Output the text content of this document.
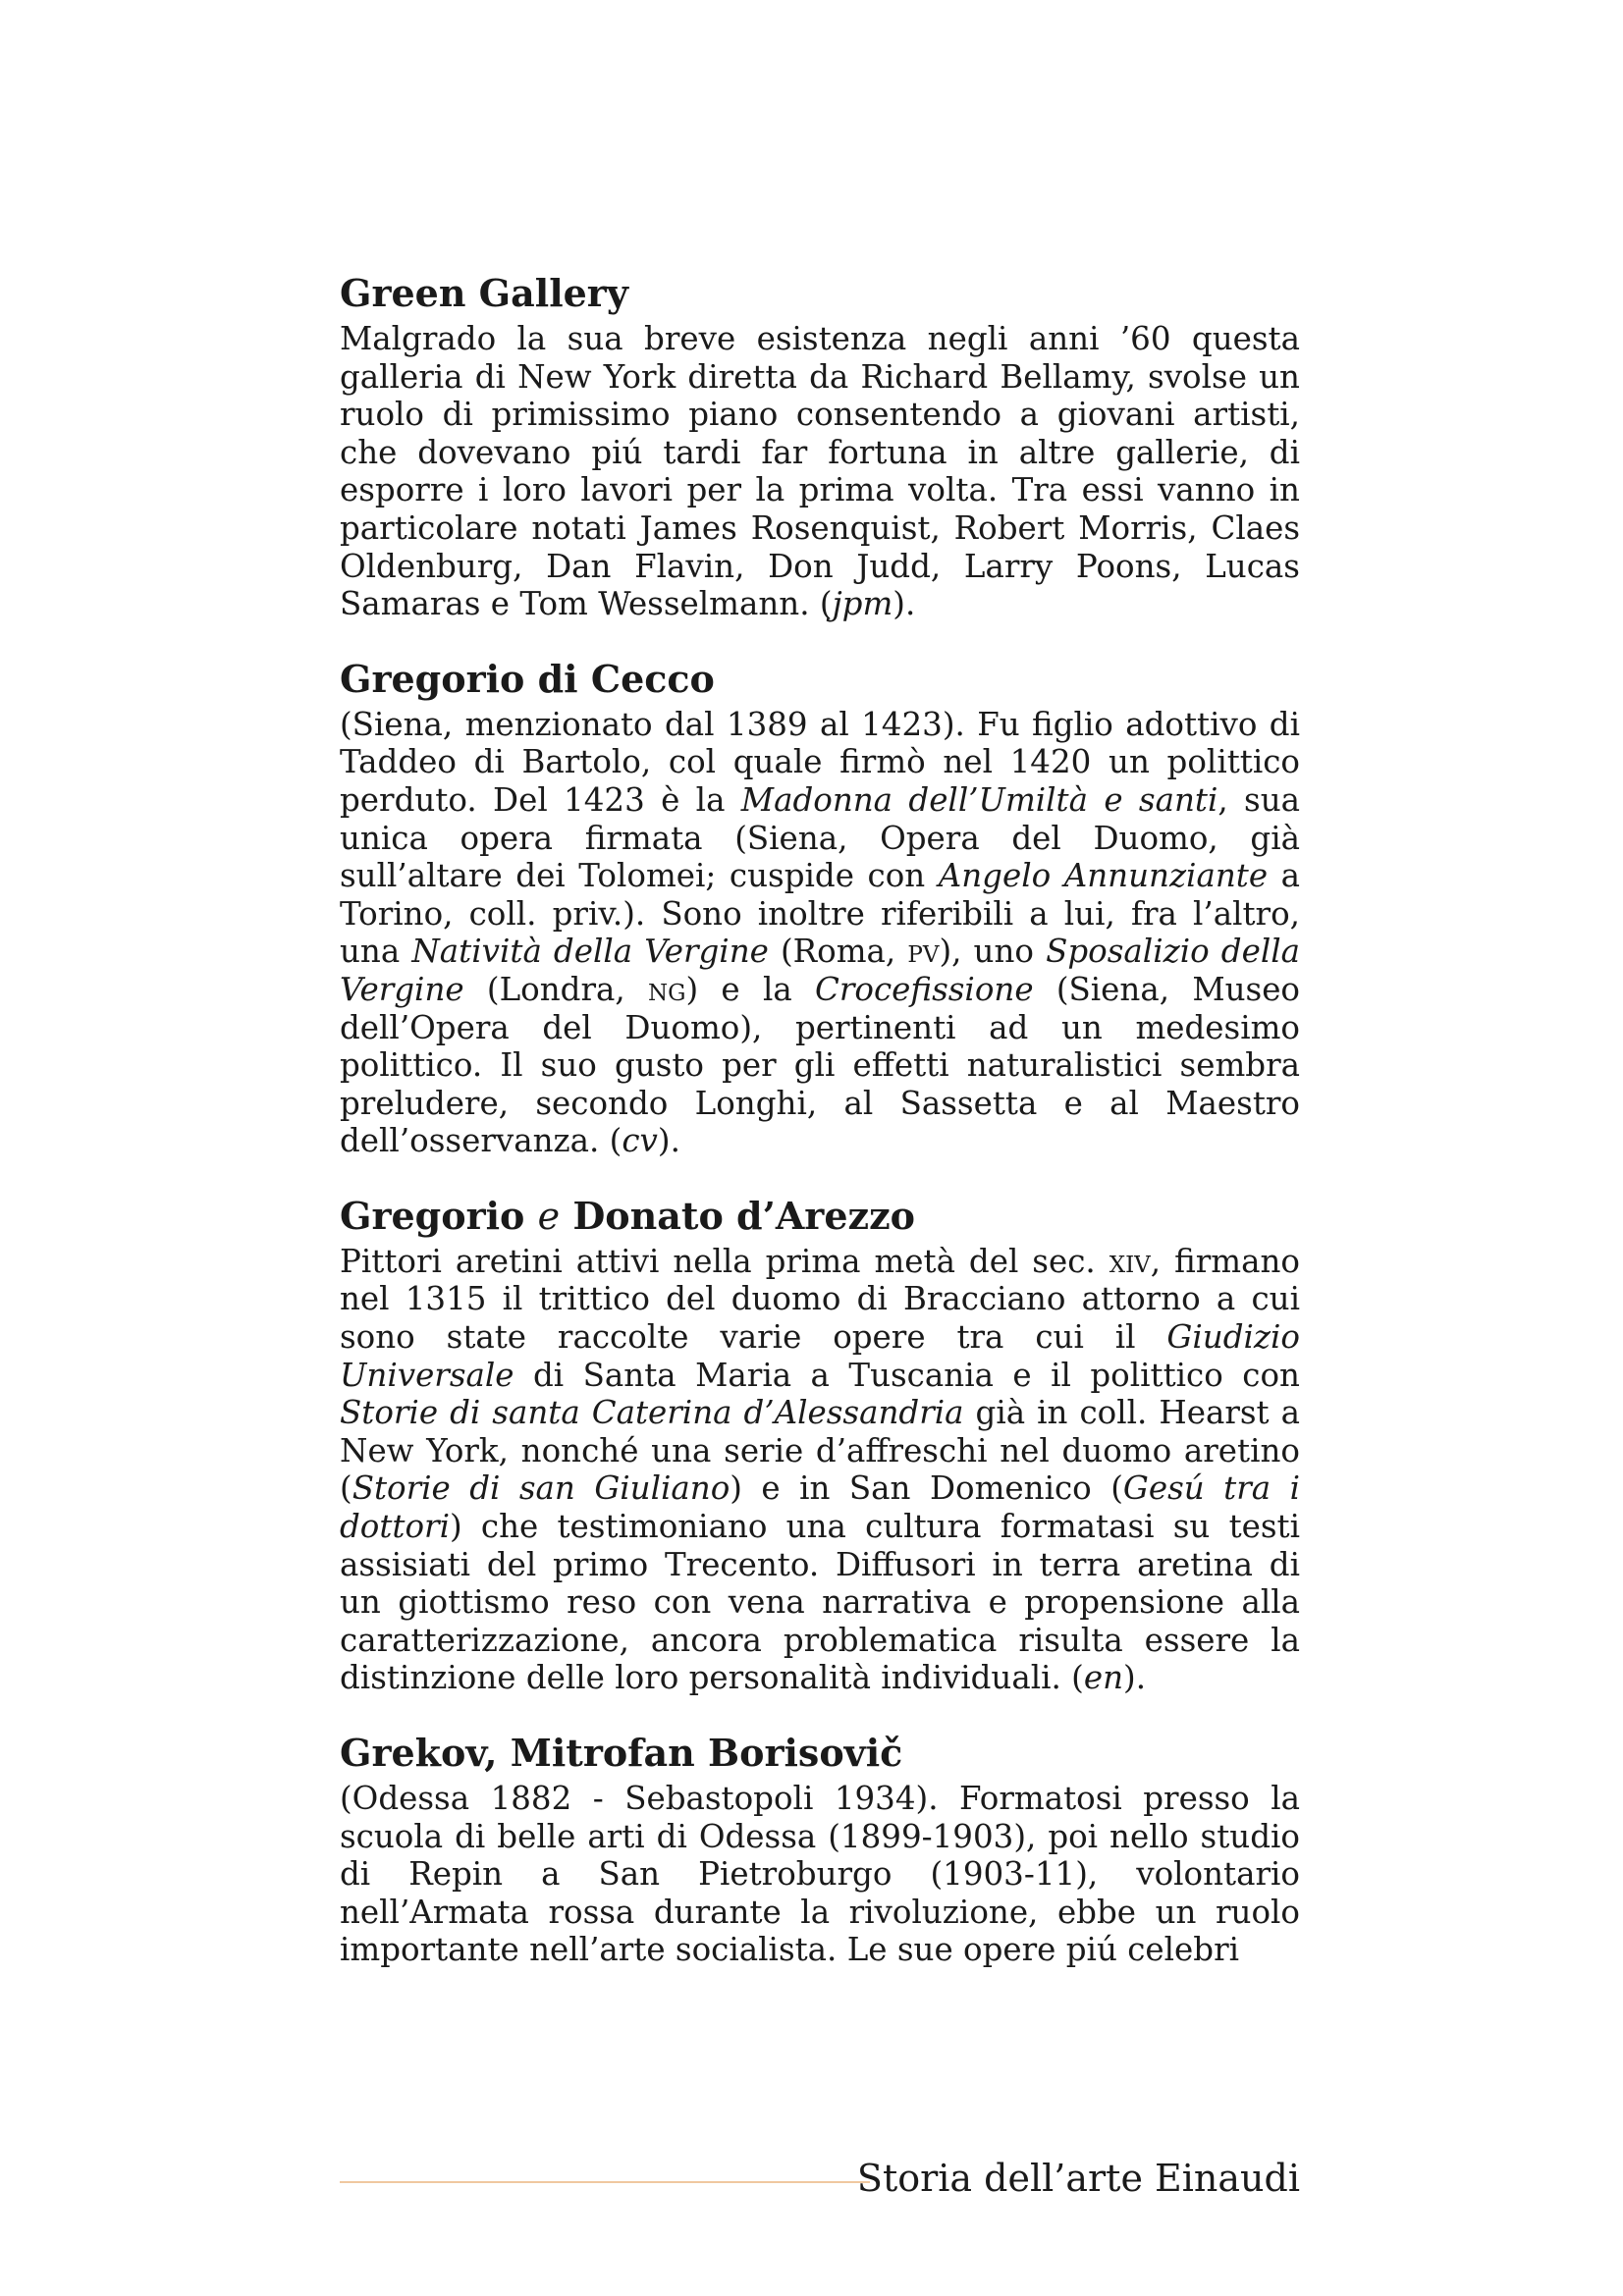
Green Gallery

Malgrado la sua breve esistenza negli anni ’60 questa galleria di New York diretta da Richard Bellamy, svolse un ruolo di primissimo piano consentendo a giovani artisti, che dovevano piú tardi far fortuna in altre gallerie, di esporre i loro lavori per la prima volta. Tra essi vanno in particolare notati James Rosenquist, Robert Morris, Claes Oldenburg, Dan Flavin, Don Judd, Larry Poons, Lucas Samaras e Tom Wesselmann. (jpm).

Gregorio di Cecco

(Siena, menzionato dal 1389 al 1423). Fu figlio adottivo di Taddeo di Bartolo, col quale firmò nel 1420 un polittico perduto. Del 1423 è la Madonna dell’Umiltà e santi, sua unica opera firmata (Siena, Opera del Duomo, già sull’altare dei Tolomei; cuspide con Angelo Annunziante a Torino, coll. priv.). Sono inoltre riferibili a lui, fra l’altro, una Natività della Vergine (Roma, pv), uno Sposalizio della Vergine (Londra, ng) e la Crocefissione (Siena, Museo dell’Opera del Duomo), pertinenti ad un medesimo polittico. Il suo gusto per gli effetti naturalistici sembra preludere, secondo Longhi, al Sassetta e al Maestro dell’osservanza. (cv).

Gregorio e Donato d’Arezzo

Pittori aretini attivi nella prima metà del sec. xiv, firmano nel 1315 il trittico del duomo di Bracciano attorno a cui sono state raccolte varie opere tra cui il Giudizio Universale di Santa Maria a Tuscania e il polittico con Storie di santa Caterina d’Alessandria già in coll. Hearst a New York, nonché una serie d’affreschi nel duomo aretino (Storie di san Giuliano) e in San Domenico (Gesú tra i dottori) che testimoniano una cultura formatasi su testi assisiati del primo Trecento. Diffusori in terra aretina di un giottismo reso con vena narrativa e propensione alla caratterizzazione, ancora problematica risulta essere la distinzione delle loro personalità individuali. (en).

Grekov, Mitrofan Borisovič

(Odessa 1882 - Sebastopoli 1934). Formatosi presso la scuola di belle arti di Odessa (1899-1903), poi nello studio di Repin a San Pietroburgo (1903-11), volontario nell’Armata rossa durante la rivoluzione, ebbe un ruolo importante nell’arte socialista. Le sue opere piú celebri

Storia dell’arte Einaudi
